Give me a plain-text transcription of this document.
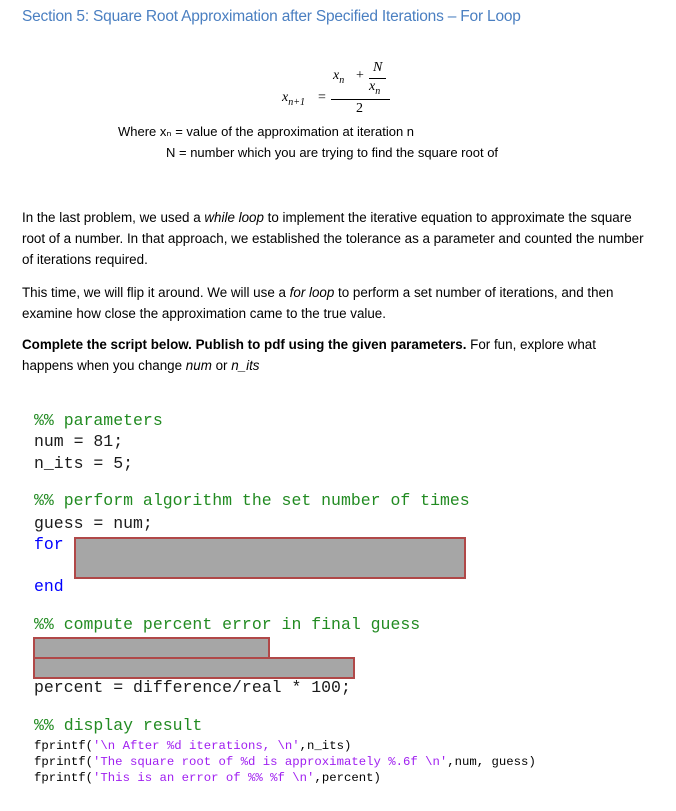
Section 5: Square Root Approximation after Specified Iterations – For Loop
$x_{n+1}$ =
$x_n$ +
N
$x_n$
2
Where xₙ = value of the approximation at iteration n
N = number which you are trying to find the square root of

In the last problem, we used a while loop to implement the iterative equation to approximate the square root of a number. In that approach, we established the tolerance as a parameter and counted the number of iterations required.

This time, we will flip it around. We will use a for loop to perform a set number of iterations, and then examine how close the approximation came to the true value.

Complete the script below. Publish to pdf using the given parameters. For fun, explore what happens when you change num or n_its

%% parameters
num = 81;
n_its = 5;
%% perform algorithm the set number of times
guess = num;
for
end
%% compute percent error in final guess
percent = difference/real * 100;
%% display result
fprintf('\n After %d iterations, \n',n_its)
fprintf('The square root of %d is approximately %.6f \n',num, guess)
fprintf('This is an error of %% %f \n',percent)
